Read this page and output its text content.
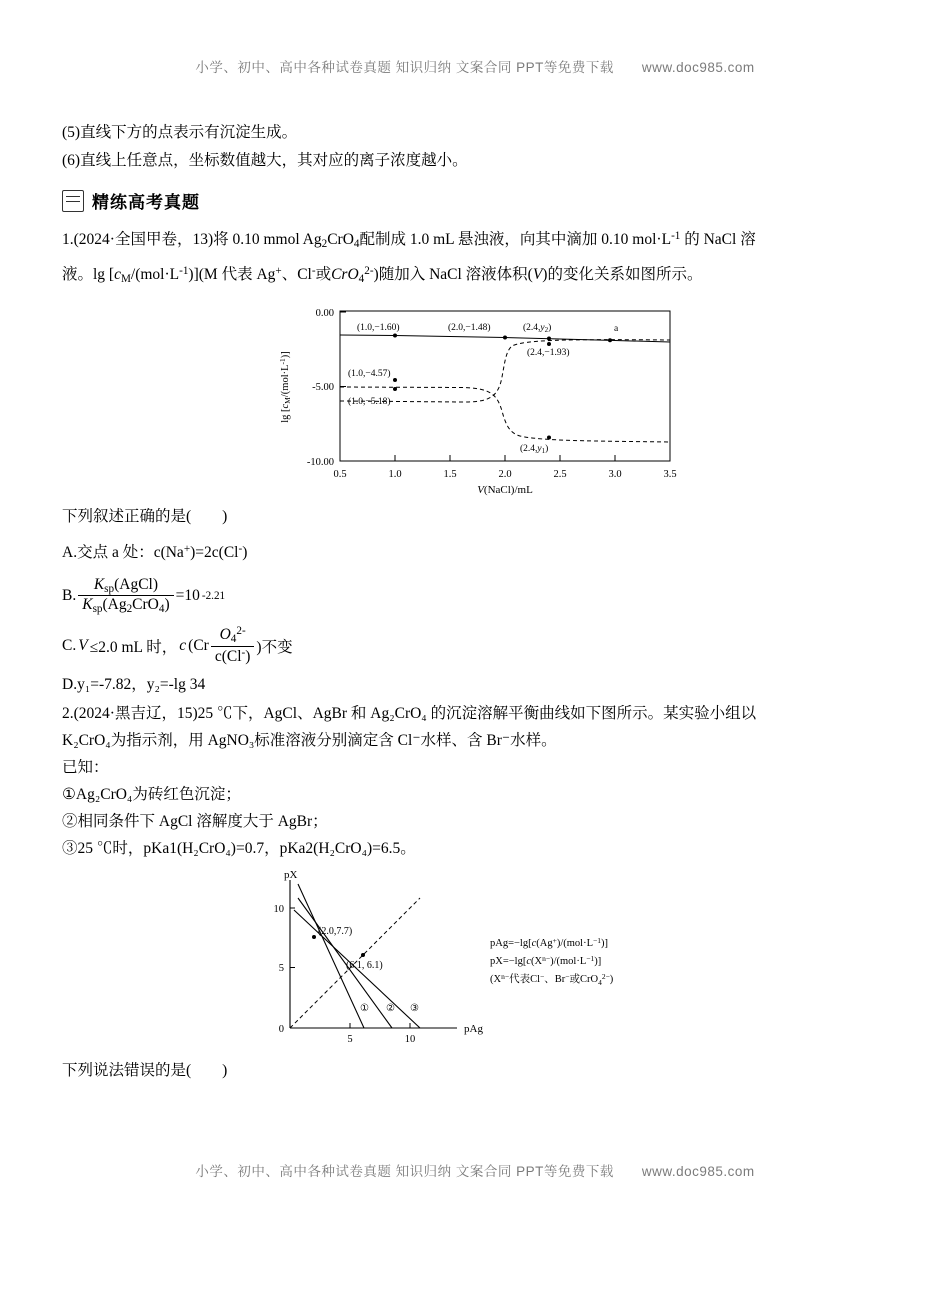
小学、初中、高中各种试卷真题 知识归纳 文案合同 PPT等免费下载　　www.doc985.com
小学、初中、高中各种试卷真题 知识归纳 文案合同 PPT等免费下载　　www.doc985.com
(5)直线下方的点表示有沉淀生成。
(6)直线上任意点，坐标数值越大，其对应的离子浓度越小。
精练高考真题
1.(2024·全国甲卷，13)将 0.10 mmol $Ag_2CrO_4$配制成 1.0 mL 悬浊液，向其中滴加 0.10 $mol\cdot L^{-1}$ 的 NaCl 溶
液。$\lg [c_M/(mol\cdot L^{-1})](M$ 代表 Ag+、Cl-或CrO$_4^{2-}$)随加入 NaCl 溶液体积(V)的变化关系如图所示。
0.00
-5.00
-10.00
0.5	1.0	1.5	2.0	2.5	3.0	3.5
V(NaCl)/mL
$\lg [cM/(mol\cdot L^{-1})]$
(1.0,−1.60)	(2.0,−1.48)	$(2.4,y_2)$	a
(2.4,−1.93)
(1.0,−4.57)
(1.0,−5.18)
$(2.4,y_1)$
下列叙述正确的是(　　)
A.交点 a 处：c(Na+)=2c(Cl-)
B. $\frac{K_{sp}(AgCl)}{K_{sp}(Ag_2CrO_4)} =10$ -2.21
C. V ≤2.0 mL 时， c ($Cr \frac{O_4^{2-}}{c(Cl^-)}$ )不变
D.y₁=-7.82，y₂=-lg 34
2.(2024·黑吉辽，15)25 ℃下，AgCl、AgBr 和 Ag₂CrO₄ 的沉淀溶解平衡曲线如下图所示。某实验小组以
K₂CrO₄为指示剂，用 AgNO₃标准溶液分别滴定含 Cl⁻水样、含 Br⁻水样。
已知：
①Ag₂CrO₄为砖红色沉淀；
②相同条件下 AgCl 溶解度大于 AgBr；
③25 ℃时，pKa1(H₂CrO₄)=0.7，pKa2(H₂CrO₄)=6.5。
pX
pAg
0
5
10
5	10
(2.0,7.7)
(6.1, 6.1)
① ② ③
$pAg=-\lg[c(Ag^+)/(mol\cdot L^{-1})]$
$pX=-\lg[c(X^{n-})/(mol\cdot L^{-1})]$
($X^{n-}$代表Cl−、Br−或CrO$_4^{2-}$)
下列说法错误的是(　　)
